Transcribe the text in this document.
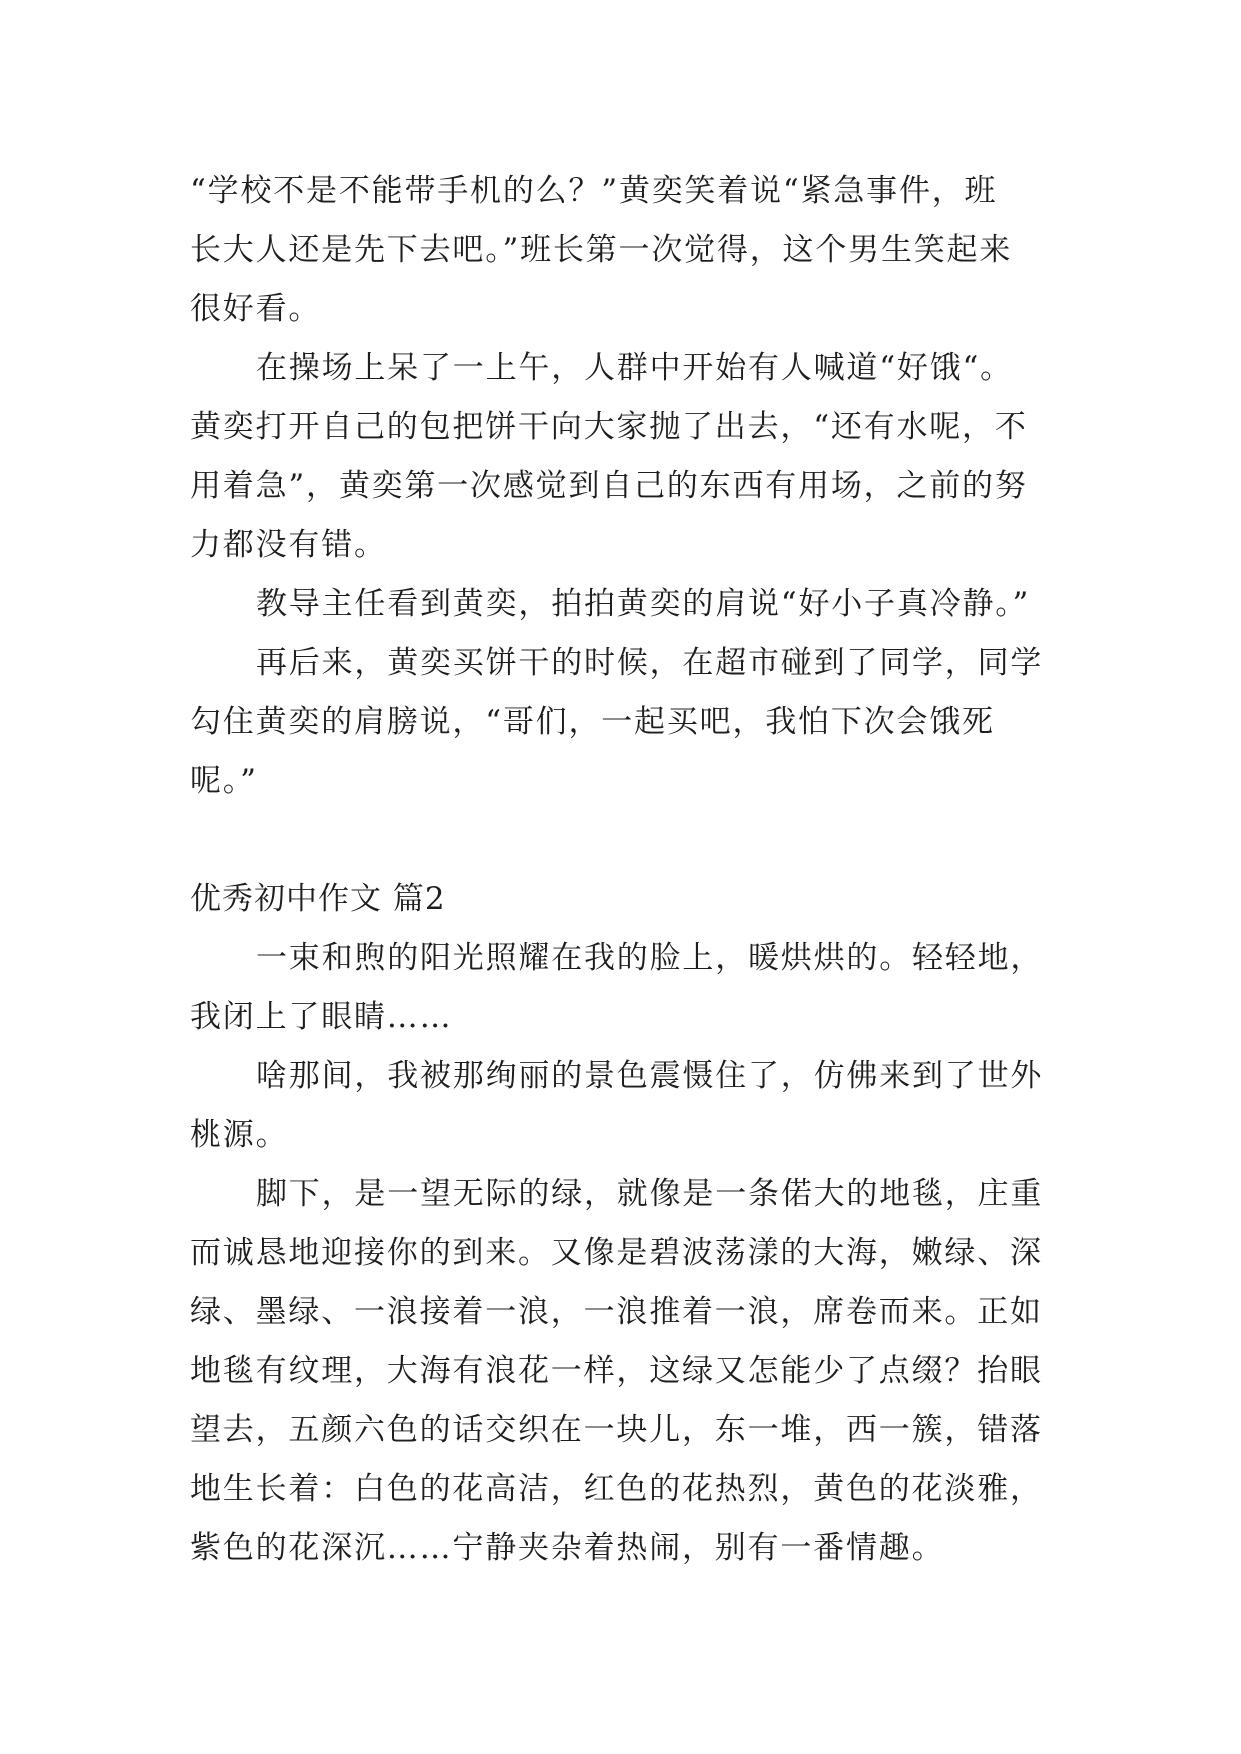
“学校不是不能带手机的么？”黄奕笑着说“紧急事件，班
长大人还是先下去吧。”班长第一次觉得，这个男生笑起来
很好看。
在操场上呆了一上午，人群中开始有人喊道“好饿“。
黄奕打开自己的包把饼干向大家抛了出去，“还有水呢，不
用着急”，黄奕第一次感觉到自己的东西有用场，之前的努
力都没有错。
教导主任看到黄奕，拍拍黄奕的肩说“好小子真冷静。”
再后来，黄奕买饼干的时候，在超市碰到了同学，同学
勾住黄奕的肩膀说，“哥们，一起买吧，我怕下次会饿死
呢。”
优秀初中作文 篇2
一束和煦的阳光照耀在我的脸上，暖烘烘的。轻轻地，
我闭上了眼睛……
啥那间，我被那绚丽的景色震慑住了，仿佛来到了世外
桃源。
脚下，是一望无际的绿，就像是一条偌大的地毯，庄重
而诚恳地迎接你的到来。又像是碧波荡漾的大海，嫩绿、深
绿、墨绿、一浪接着一浪，一浪推着一浪，席卷而来。正如
地毯有纹理，大海有浪花一样，这绿又怎能少了点缀？抬眼
望去，五颜六色的话交织在一块儿，东一堆，西一簇，错落
地生长着：白色的花高洁，红色的花热烈，黄色的花淡雅，
紫色的花深沉……宁静夹杂着热闹，别有一番情趣。
